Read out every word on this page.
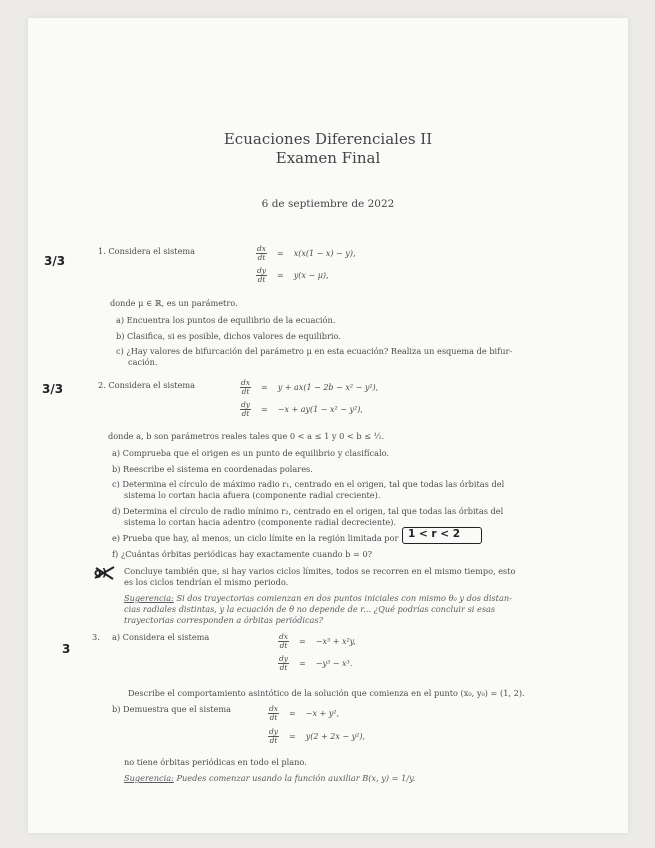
Ecuaciones Diferenciales II
Examen Final
6 de septiembre de 2022
3/3
1. Considera el sistema	$\frac{dx}{dt} = x(x(1 - x) - y)$,
$\frac{dy}{dt} = y(x - \mu)$,
donde μ ∈ ℝ, es un parámetro.
a) Encuentra los puntos de equilibrio de la ecuación.
b) Clasifica, si es posible, dichos valores de equilibrio.
c) ¿Hay valores de bifurcación del parámetro μ en esta ecuación? Realiza un esquema de bifur-
cación.
3/3	2. Considera el sistema	$\frac{dx}{dt} = y + ax(1 - 2b - x^2 - y^2)$,
$\frac{dy}{dt} = -x + ay(1 - x^2 - y^2)$,
donde a, b son parámetros reales tales que 0 < a ≤ 1 y 0 < b ≤ ½.
a) Comprueba que el origen es un punto de equilibrio y clasifícalo.
b) Reescribe el sistema en coordenadas polares.
c) Determina el círculo de máximo radio r₁, centrado en el origen, tal que todas las órbitas del
sistema lo cortan hacia afuera (componente radial creciente).
d) Determina el círculo de radio mínimo r₂, centrado en el origen, tal que todas las órbitas del
sistema lo cortan hacia adentro (componente radial decreciente).
e) Prueba que hay, al menos, un ciclo límite en la región limitada por 1 < r < 2
f) ¿Cuántas órbitas periódicas hay exactamente cuando b = 0?
g) Concluye también que, si hay varios ciclos límites, todos se recorren en el mismo tiempo, esto
es los ciclos tendrían el mismo periodo.
Sugerencia: Si dos trayectorias comienzan en dos puntos iniciales con mismo θ₀ y dos distan-
cias radiales distintas, y la ecuación de θ no depende de r... ¿Qué podrías concluir si esas
trayectorias corresponden a órbitas periódicas?
3
3. a) Considera el sistema	$\frac{dx}{dt} = -x^3 + x^2y$,
$\frac{dy}{dt} = -y^3 - x^3$.
Describe el comportamiento asintótico de la solución que comienza en el punto (x₀, y₀) = (1, 2).
b) Demuestra que el sistema	$\frac{dx}{dt} = -x + y^2$,
$\frac{dy}{dt} = y(2 + 2x - y^2)$,
no tiene órbitas periódicas en todo el plano.
Sugerencia: Puedes comenzar usando la función auxiliar B(x, y) = 1/y.
